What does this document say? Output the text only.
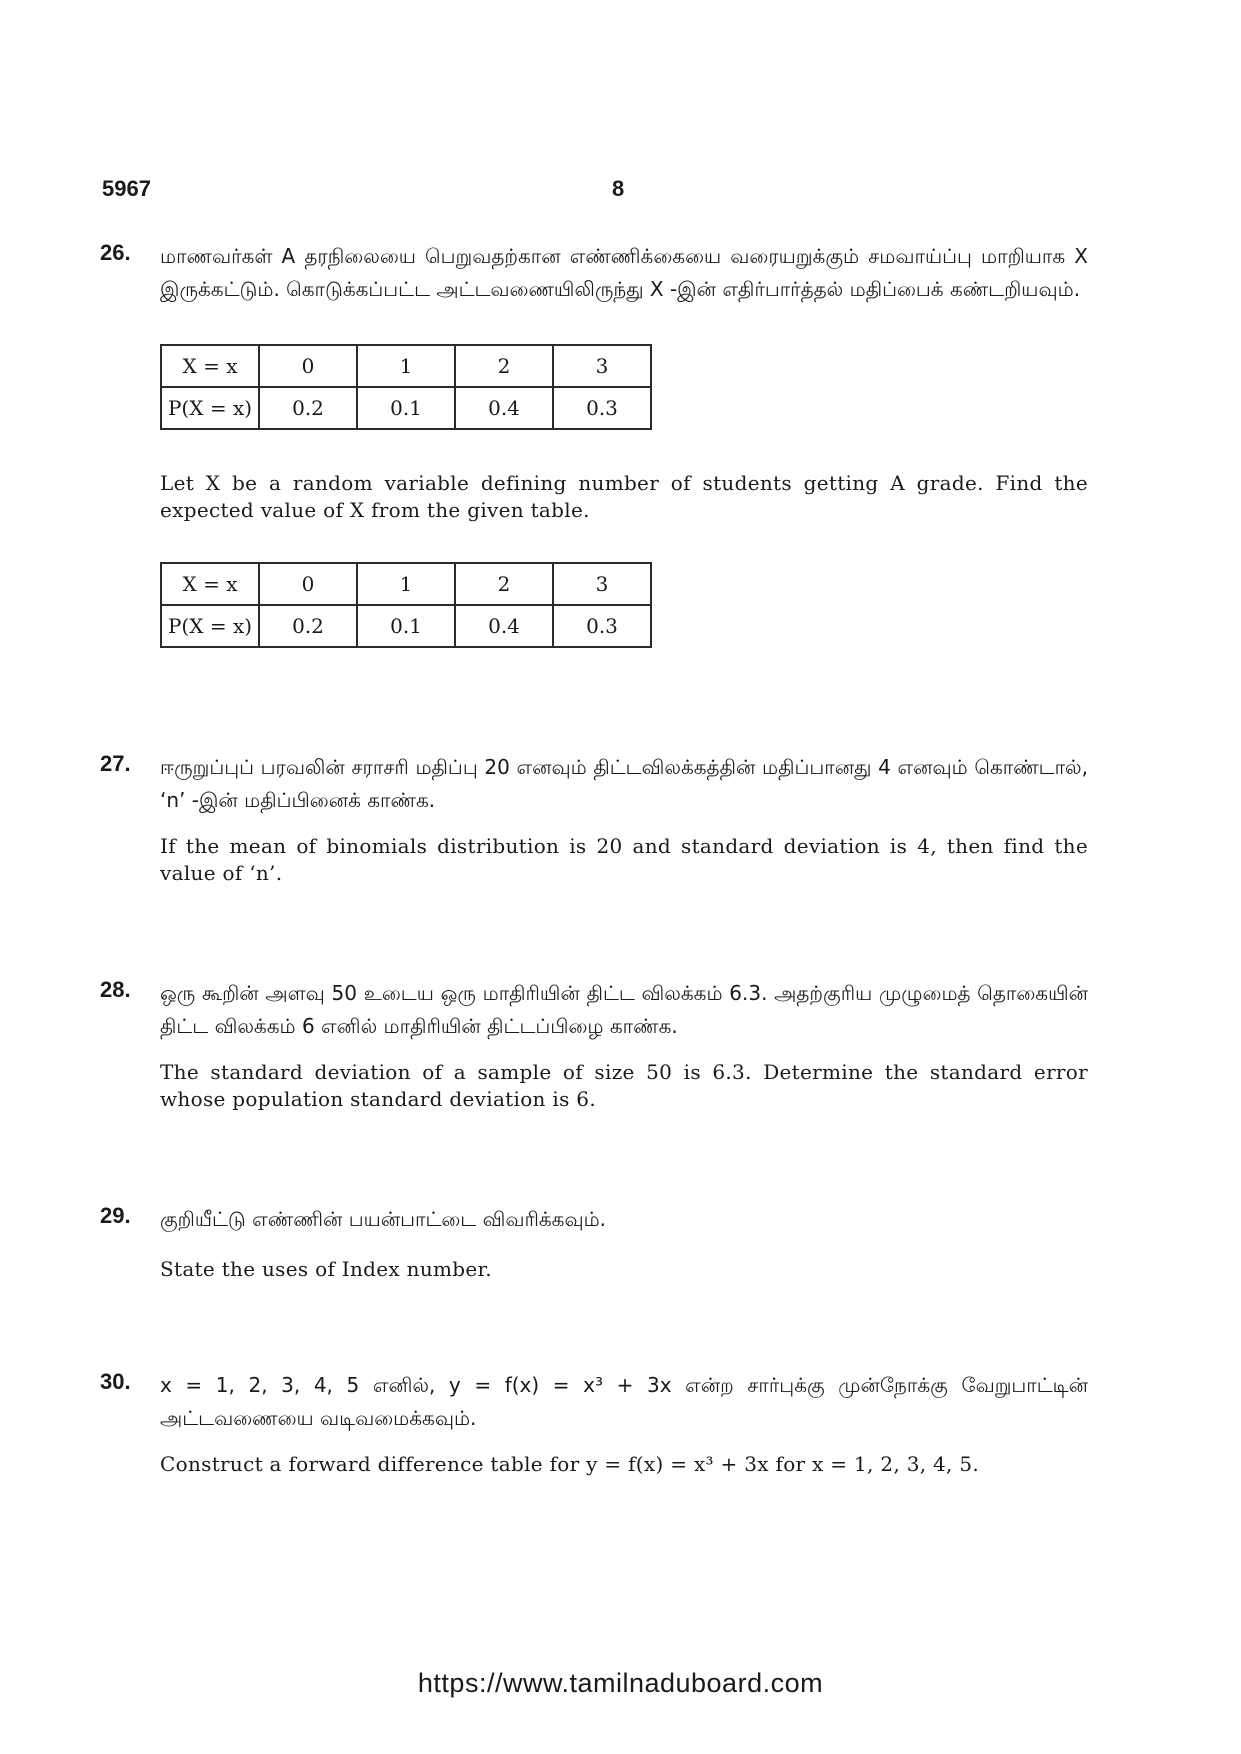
5967	8
26. மாணவர்கள் A தரநிலையை பெறுவதற்கான எண்ணிக்கையை வரையறுக்கும் சமவாய்ப்பு மாறியாக X இருக்கட்டும். கொடுக்கப்பட்ட அட்டவணையிலிருந்து X -இன் எதிர்பார்த்தல் மதிப்பைக் கண்டறியவும்.

X = x	0	1	2	3
P(X = x)	0.2	0.1	0.4	0.3

Let X be a random variable defining number of students getting A grade. Find the expected value of X from the given table.

X = x	0	1	2	3
P(X = x)	0.2	0.1	0.4	0.3
27. ஈருறுப்புப் பரவலின் சராசரி மதிப்பு 20 எனவும் திட்டவிலக்கத்தின் மதிப்பானது 4 எனவும் கொண்டால், ‘n’ -இன் மதிப்பினைக் காண்க.

If the mean of binomials distribution is 20 and standard deviation is 4, then find the value of ‘n’.

28. ஒரு கூறின் அளவு 50 உடைய ஒரு மாதிரியின் திட்ட விலக்கம் 6.3. அதற்குரிய முழுமைத் தொகையின் திட்ட விலக்கம் 6 எனில் மாதிரியின் திட்டப்பிழை காண்க.

The standard deviation of a sample of size 50 is 6.3. Determine the standard error whose population standard deviation is 6.

29. குறியீட்டு எண்ணின் பயன்பாட்டை விவரிக்கவும்.

State the uses of Index number.

30. x = 1, 2, 3, 4, 5 எனில், y = f(x) = x³ + 3x என்ற சார்புக்கு முன்நோக்கு வேறுபாட்டின் அட்டவணையை வடிவமைக்கவும்.

Construct a forward difference table for y = f(x) = x³ + 3x for x = 1, 2, 3, 4, 5.

https://www.tamilnaduboard.com
